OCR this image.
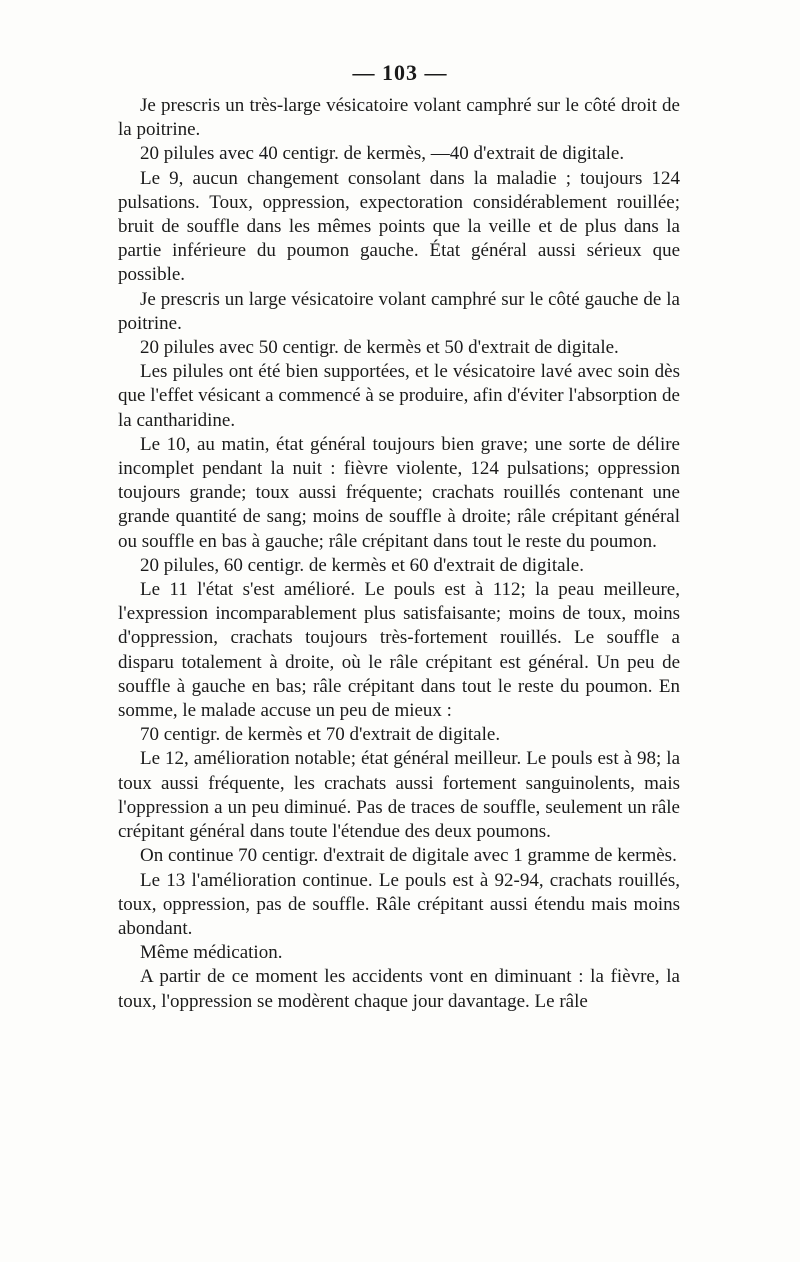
— 103 —

Je prescris un très-large vésicatoire volant camphré sur le côté droit de la poitrine.

20 pilules avec 40 centigr. de kermès, —40 d'extrait de digitale.

Le 9, aucun changement consolant dans la maladie ; toujours 124 pulsations. Toux, oppression, expectoration considérablement rouillée; bruit de souffle dans les mêmes points que la veille et de plus dans la partie inférieure du poumon gauche. État général aussi sérieux que possible.

Je prescris un large vésicatoire volant camphré sur le côté gauche de la poitrine.

20 pilules avec 50 centigr. de kermès et 50 d'extrait de digitale.

Les pilules ont été bien supportées, et le vésicatoire lavé avec soin dès que l'effet vésicant a commencé à se produire, afin d'éviter l'absorption de la cantharidine.

Le 10, au matin, état général toujours bien grave; une sorte de délire incomplet pendant la nuit : fièvre violente, 124 pulsations; oppression toujours grande; toux aussi fréquente; crachats rouillés contenant une grande quantité de sang; moins de souffle à droite; râle crépitant général ou souffle en bas à gauche; râle crépitant dans tout le reste du poumon.

20 pilules, 60 centigr. de kermès et 60 d'extrait de digitale.

Le 11 l'état s'est amélioré. Le pouls est à 112; la peau meilleure, l'expression incomparablement plus satisfaisante; moins de toux, moins d'oppression, crachats toujours très-fortement rouillés. Le souffle a disparu totalement à droite, où le râle crépitant est général. Un peu de souffle à gauche en bas; râle crépitant dans tout le reste du poumon. En somme, le malade accuse un peu de mieux :

70 centigr. de kermès et 70 d'extrait de digitale.

Le 12, amélioration notable; état général meilleur. Le pouls est à 98; la toux aussi fréquente, les crachats aussi fortement sanguinolents, mais l'oppression a un peu diminué. Pas de traces de souffle, seulement un râle crépitant général dans toute l'étendue des deux poumons.

On continue 70 centigr. d'extrait de digitale avec 1 gramme de kermès.

Le 13 l'amélioration continue. Le pouls est à 92-94, crachats rouillés, toux, oppression, pas de souffle. Râle crépitant aussi étendu mais moins abondant.

Même médication.

A partir de ce moment les accidents vont en diminuant : la fièvre, la toux, l'oppression se modèrent chaque jour davantage. Le râle
